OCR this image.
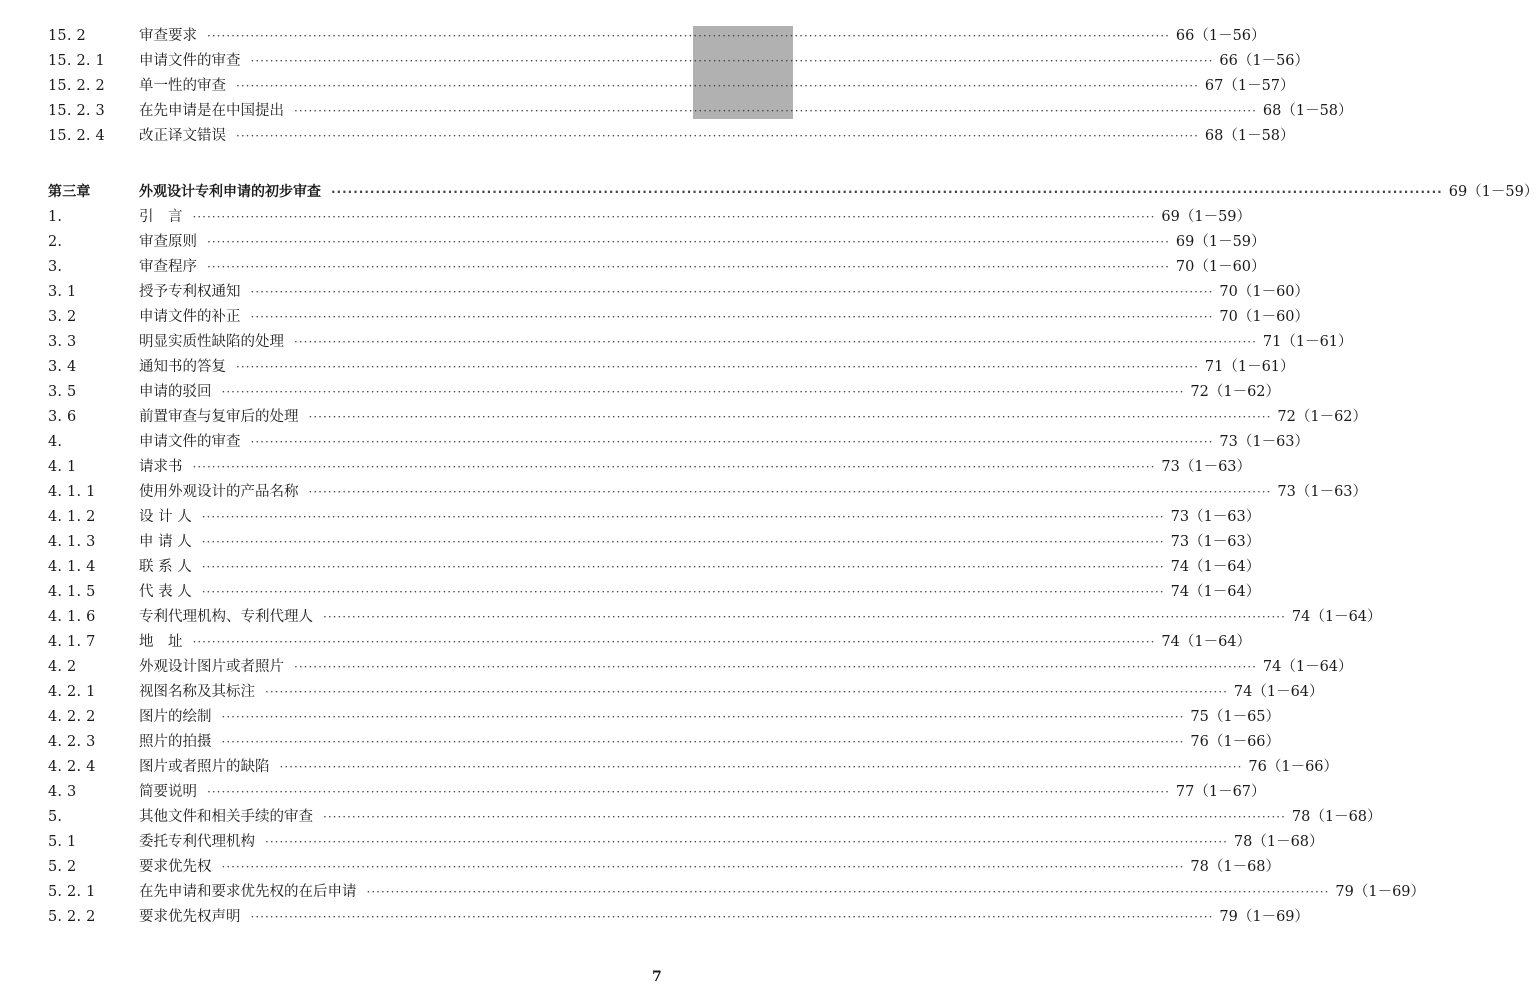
15. 2	审查要求 ········································································································································································································ 66（1－56）
15. 2. 1	申请文件的审查 ········································································································································································································ 66（1－56）
15. 2. 2	单一性的审查 ········································································································································································································ 67（1－57）
15. 2. 3	在先申请是在中国提出 ········································································································································································································ 68（1－58）
15. 2. 4	改正译文错误 ········································································································································································································ 68（1－58）
第三章	外观设计专利申请的初步审查 ········································································································································································································ 69（1－59）
1.	引　言 ········································································································································································································ 69（1－59）
2.	审查原则 ········································································································································································································ 69（1－59）
3.	审查程序 ········································································································································································································ 70（1－60）
3. 1	授予专利权通知 ········································································································································································································ 70（1－60）
3. 2	申请文件的补正 ········································································································································································································ 70（1－60）
3. 3	明显实质性缺陷的处理 ········································································································································································································ 71（1－61）
3. 4	通知书的答复 ········································································································································································································ 71（1－61）
3. 5	申请的驳回 ········································································································································································································ 72（1－62）
3. 6	前置审查与复审后的处理 ········································································································································································································ 72（1－62）
4.	申请文件的审查 ········································································································································································································ 73（1－63）
4. 1	请求书 ········································································································································································································ 73（1－63）
4. 1. 1	使用外观设计的产品名称 ········································································································································································································ 73（1－63）
4. 1. 2	设 计 人 ········································································································································································································ 73（1－63）
4. 1. 3	申 请 人 ········································································································································································································ 73（1－63）
4. 1. 4	联 系 人 ········································································································································································································ 74（1－64）
4. 1. 5	代 表 人 ········································································································································································································ 74（1－64）
4. 1. 6	专利代理机构、专利代理人 ········································································································································································································ 74（1－64）
4. 1. 7	地　址 ········································································································································································································ 74（1－64）
4. 2	外观设计图片或者照片 ········································································································································································································ 74（1－64）
4. 2. 1	视图名称及其标注 ········································································································································································································ 74（1－64）
4. 2. 2	图片的绘制 ········································································································································································································ 75（1－65）
4. 2. 3	照片的拍摄 ········································································································································································································ 76（1－66）
4. 2. 4	图片或者照片的缺陷 ········································································································································································································ 76（1－66）
4. 3	简要说明 ········································································································································································································ 77（1－67）
5.	其他文件和相关手续的审查 ········································································································································································································ 78（1－68）
5. 1	委托专利代理机构 ········································································································································································································ 78（1－68）
5. 2	要求优先权 ········································································································································································································ 78（1－68）
5. 2. 1	在先申请和要求优先权的在后申请 ········································································································································································································ 79（1－69）
5. 2. 2	要求优先权声明 ········································································································································································································ 79（1－69）
7
